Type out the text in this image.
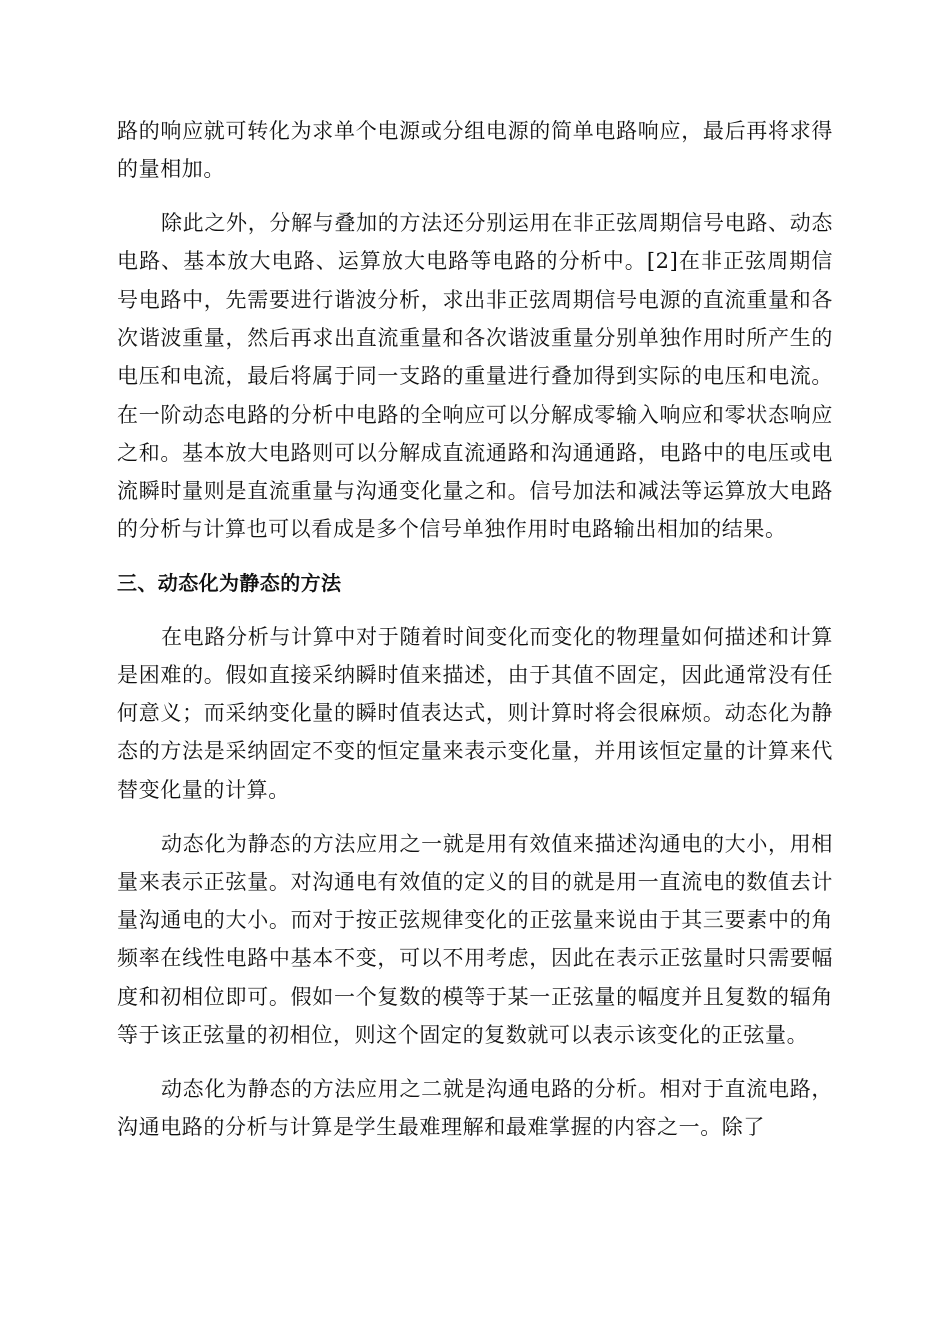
路的响应就可转化为求单个电源或分组电源的简单电路响应，最后再将求得的量相加。

除此之外，分解与叠加的方法还分别运用在非正弦周期信号电路、动态电路、基本放大电路、运算放大电路等电路的分析中。[2]在非正弦周期信号电路中，先需要进行谐波分析，求出非正弦周期信号电源的直流重量和各次谐波重量，然后再求出直流重量和各次谐波重量分别单独作用时所产生的电压和电流，最后将属于同一支路的重量进行叠加得到实际的电压和电流。在一阶动态电路的分析中电路的全响应可以分解成零输入响应和零状态响应之和。基本放大电路则可以分解成直流通路和沟通通路，电路中的电压或电流瞬时量则是直流重量与沟通变化量之和。信号加法和减法等运算放大电路的分析与计算也可以看成是多个信号单独作用时电路输出相加的结果。

三、动态化为静态的方法

在电路分析与计算中对于随着时间变化而变化的物理量如何描述和计算是困难的。假如直接采纳瞬时值来描述，由于其值不固定，因此通常没有任何意义；而采纳变化量的瞬时值表达式，则计算时将会很麻烦。动态化为静态的方法是采纳固定不变的恒定量来表示变化量，并用该恒定量的计算来代替变化量的计算。

动态化为静态的方法应用之一就是用有效值来描述沟通电的大小，用相量来表示正弦量。对沟通电有效值的定义的目的就是用一直流电的数值去计量沟通电的大小。而对于按正弦规律变化的正弦量来说由于其三要素中的角频率在线性电路中基本不变，可以不用考虑，因此在表示正弦量时只需要幅度和初相位即可。假如一个复数的模等于某一正弦量的幅度并且复数的辐角等于该正弦量的初相位，则这个固定的复数就可以表示该变化的正弦量。

动态化为静态的方法应用之二就是沟通电路的分析。相对于直流电路，沟通电路的分析与计算是学生最难理解和最难掌握的内容之一。除了
